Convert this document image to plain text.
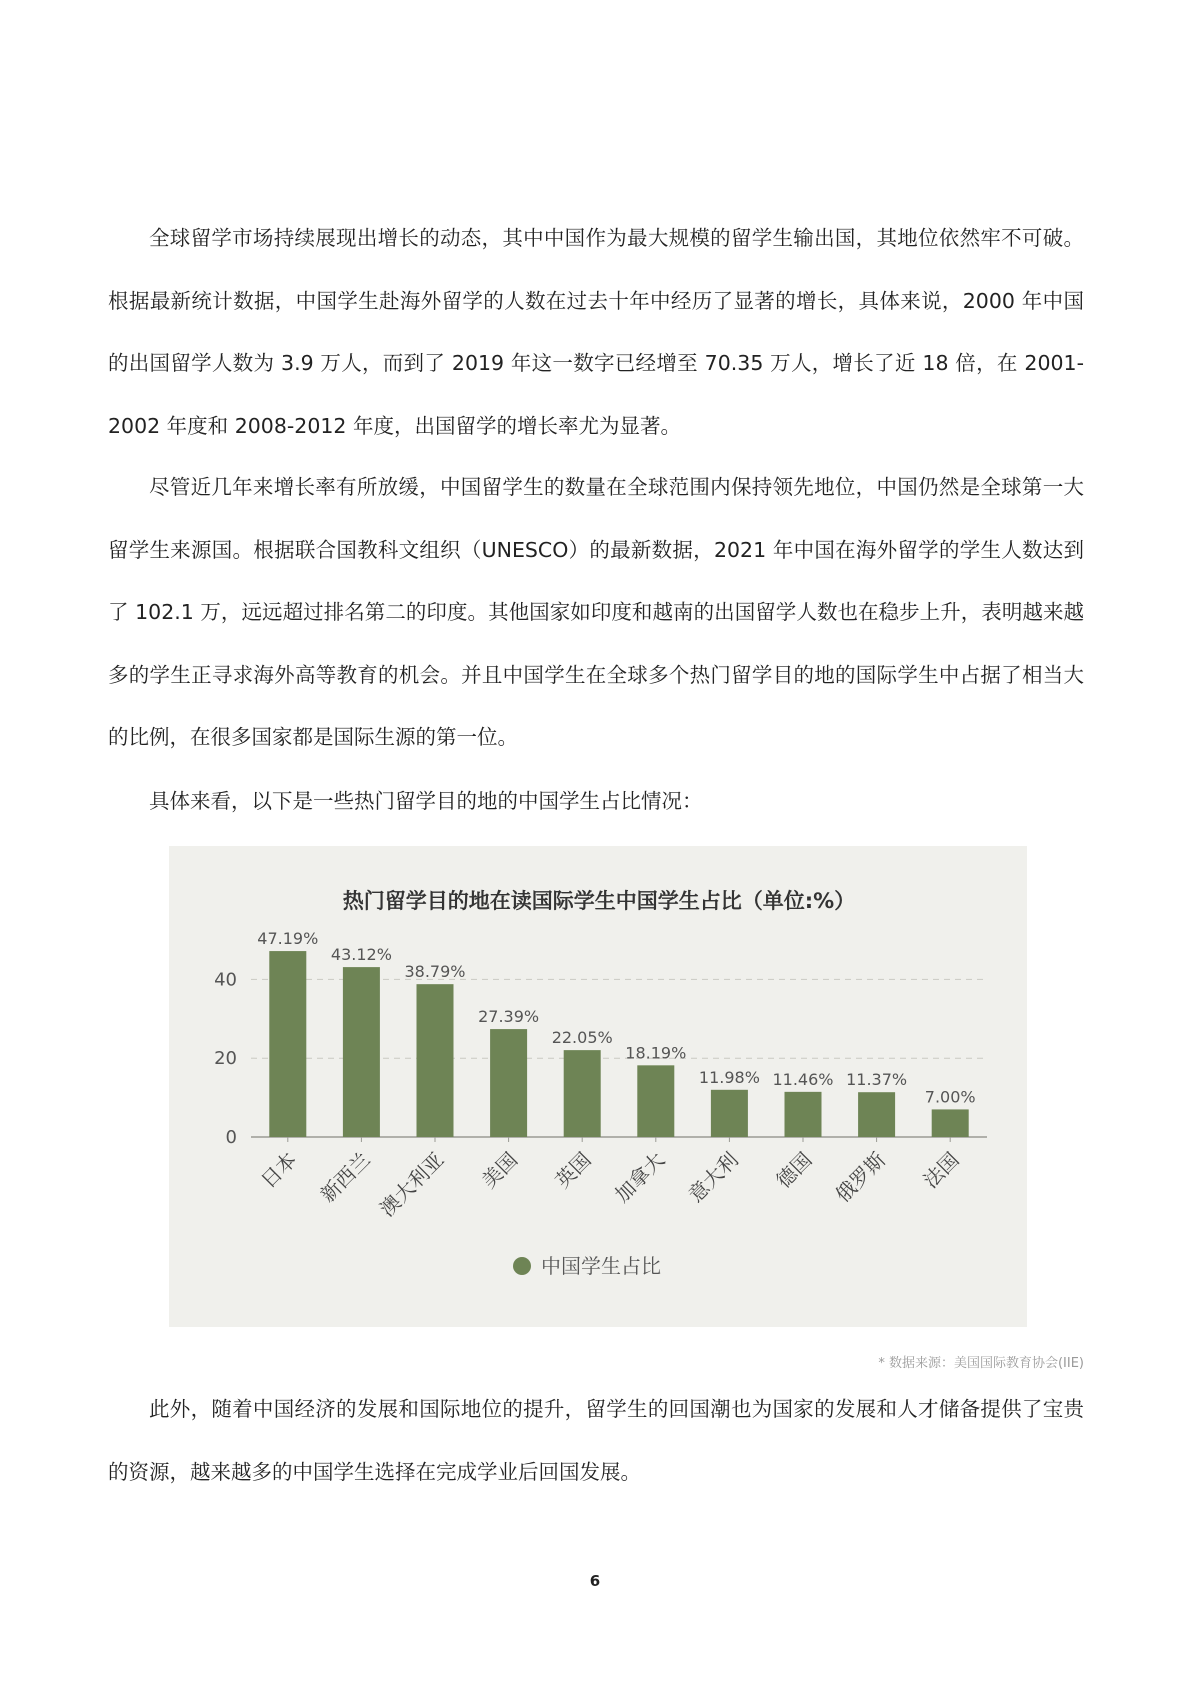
全球留学市场持续展现出增长的动态，其中中国作为最大规模的留学生输出国，其地位依然牢不可破。根据最新统计数据，中国学生赴海外留学的人数在过去十年中经历了显著的增长，具体来说，2000 年中国的出国留学人数为 3.9 万人，而到了 2019 年这一数字已经增至 70.35 万人，增长了近 18 倍，在 2001-2002 年度和 2008-2012 年度，出国留学的增长率尤为显著。

尽管近几年来增长率有所放缓，中国留学生的数量在全球范围内保持领先地位，中国仍然是全球第一大留学生来源国。根据联合国教科文组织（UNESCO）的最新数据，2021 年中国在海外留学的学生人数达到了 102.1 万，远远超过排名第二的印度。其他国家如印度和越南的出国留学人数也在稳步上升，表明越来越多的学生正寻求海外高等教育的机会。并且中国学生在全球多个热门留学目的地的国际学生中占据了相当大的比例，在很多国家都是国际生源的第一位。

具体来看，以下是一些热门留学目的地的中国学生占比情况：

热门留学目的地在读国际学生中国学生占比（单位:%）
0
20
40
47.19%
日本
43.12%
新西兰
38.79%
澳大利亚
27.39%
美国
22.05%
英国
18.19%
加拿大
11.98%
意大利
11.46%
德国
11.37%
俄罗斯
7.00%
法国
中国学生占比
* 数据来源：美国国际教育协会(IIE)

此外，随着中国经济的发展和国际地位的提升，留学生的回国潮也为国家的发展和人才储备提供了宝贵的资源，越来越多的中国学生选择在完成学业后回国发展。

6
